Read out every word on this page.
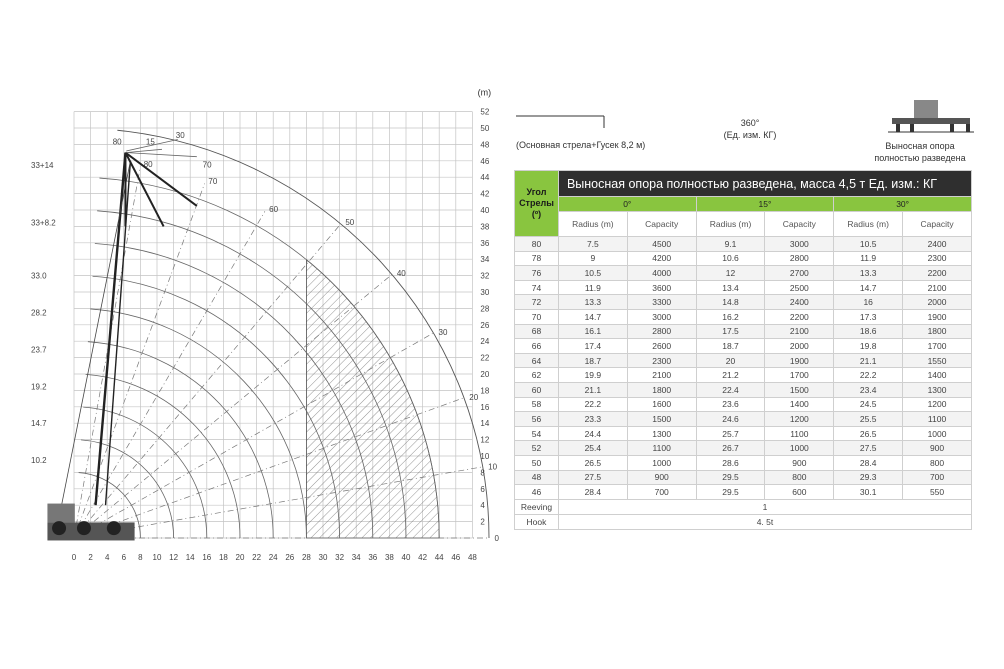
80
70
60
50
40
30
20
10
0
80	15
30
70
0 2 4 6 8 10 12 14 16 18 20 22 24 26 28 30 32 34 36 38 40 42 44 46 48
2
4
6
8
10
12
14
16
18
20
22
24
26
28
30
32
34
36
38
40
42
44
46
48
50
52
(m)
33+14
33+8.2
33.0
28.2
23.7
19.2
14.7
10.2
(Основная стрела+Гусек 8,2 м)
360°
(Ед. изм. КГ)
Выносная опора
полностью разведена
Угол Стрелы (º)	Выносная опора полностью разведена, масса 4,5 т Ед. изм.: КГ					
	0°		15°		30°	
	Radius (m)	Capacity	Radius (m)	Capacity	Radius (m)	Capacity
80	7.5	4500	9.1	3000	10.5	2400
78	9	4200	10.6	2800	11.9	2300
76	10.5	4000	12	2700	13.3	2200
74	11.9	3600	13.4	2500	14.7	2100
72	13.3	3300	14.8	2400	16	2000
70	14.7	3000	16.2	2200	17.3	1900
68	16.1	2800	17.5	2100	18.6	1800
66	17.4	2600	18.7	2000	19.8	1700
64	18.7	2300	20	1900	21.1	1550
62	19.9	2100	21.2	1700	22.2	1400
60	21.1	1800	22.4	1500	23.4	1300
58	22.2	1600	23.6	1400	24.5	1200
56	23.3	1500	24.6	1200	25.5	1100
54	24.4	1300	25.7	1100	26.5	1000
52	25.4	1100	26.7	1000	27.5	900
50	26.5	1000	28.6	900	28.4	800
48	27.5	900	29.5	800	29.3	700
46	28.4	700	29.5	600	30.1	550
Reeving	1					
Hook	4. 5t					
